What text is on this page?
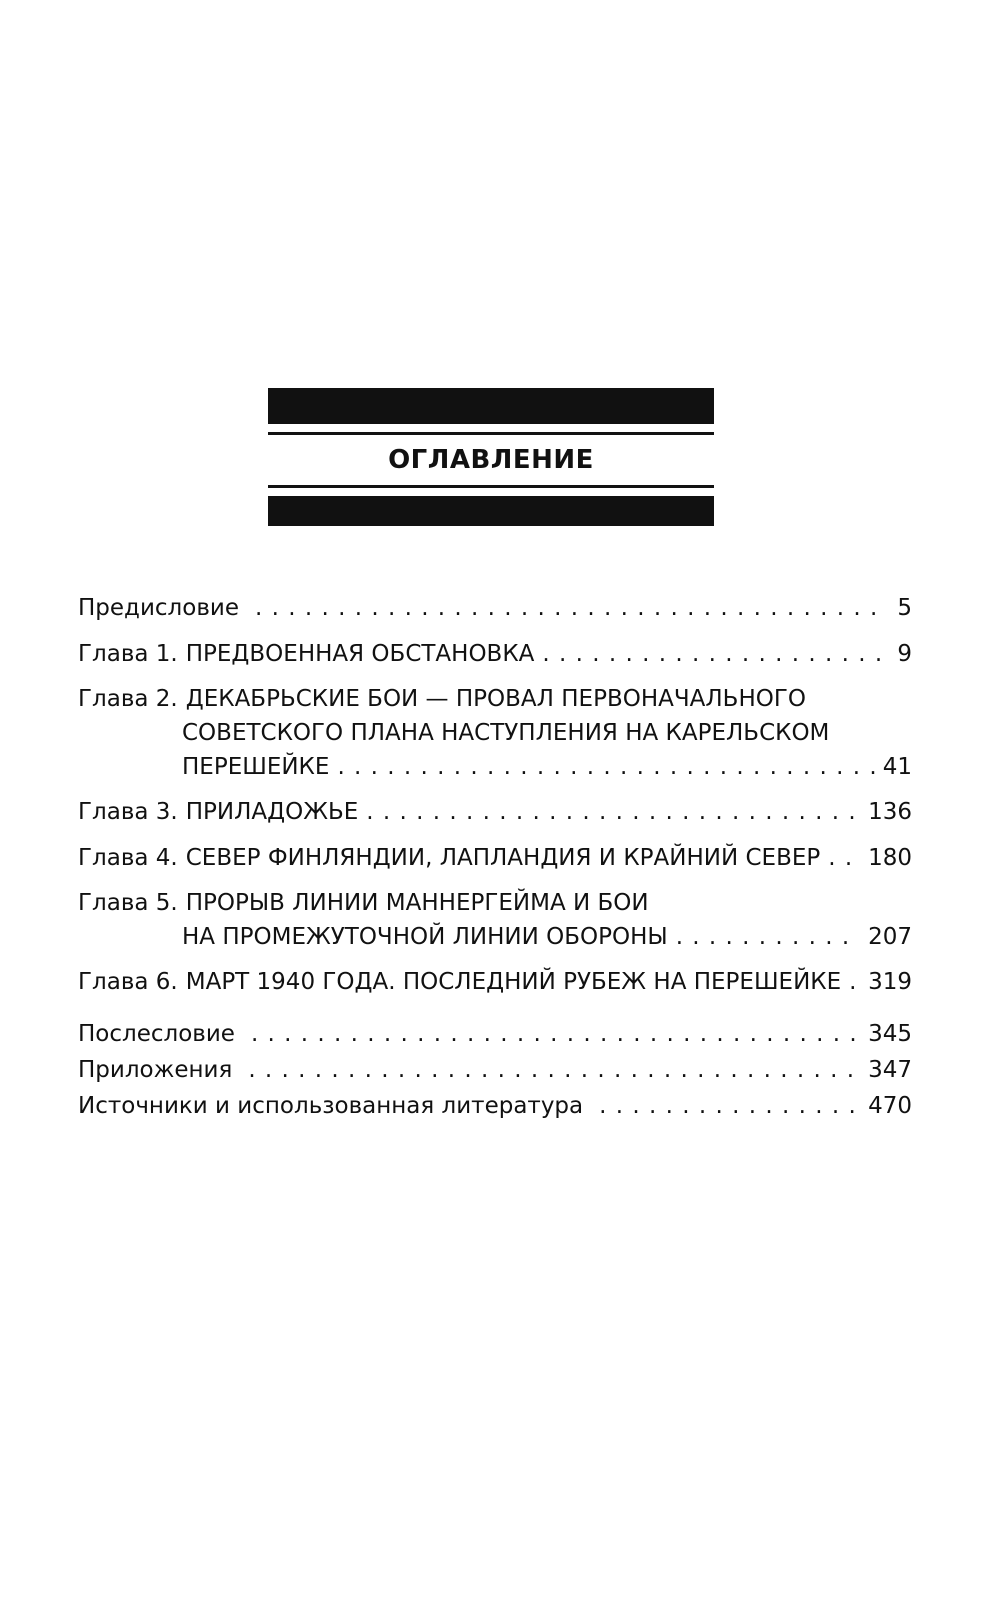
ОГЛАВЛЕНИЕ
Предисловие . . .	5
Глава 1. ПРЕДВОЕННАЯ ОБСТАНОВКА . . .	9
Глава 2. ДЕКАБРЬСКИЕ БОИ — ПРОВАЛ ПЕРВОНАЧАЛЬНОГО
СОВЕТСКОГО ПЛАНА НАСТУПЛЕНИЯ НА КАРЕЛЬСКОМ
ПЕРЕШЕЙКЕ . . .	41
Глава 3. ПРИЛАДОЖЬЕ . . .	136
Глава 4. СЕВЕР ФИНЛЯНДИИ, ЛАПЛАНДИЯ И КРАЙНИЙ СЕВЕР . . . 180
Глава 5. ПРОРЫВ ЛИНИИ МАННЕРГЕЙМА И БОИ
НА ПРОМЕЖУТОЧНОЙ ЛИНИИ ОБОРОНЫ . . .	207
Глава 6. МАРТ 1940 ГОДА. ПОСЛЕДНИЙ РУБЕЖ НА ПЕРЕШЕЙКЕ . . . 319
Послесловие . . .	345
Приложения . . .	347
Источники и использованная литература . . .	470
